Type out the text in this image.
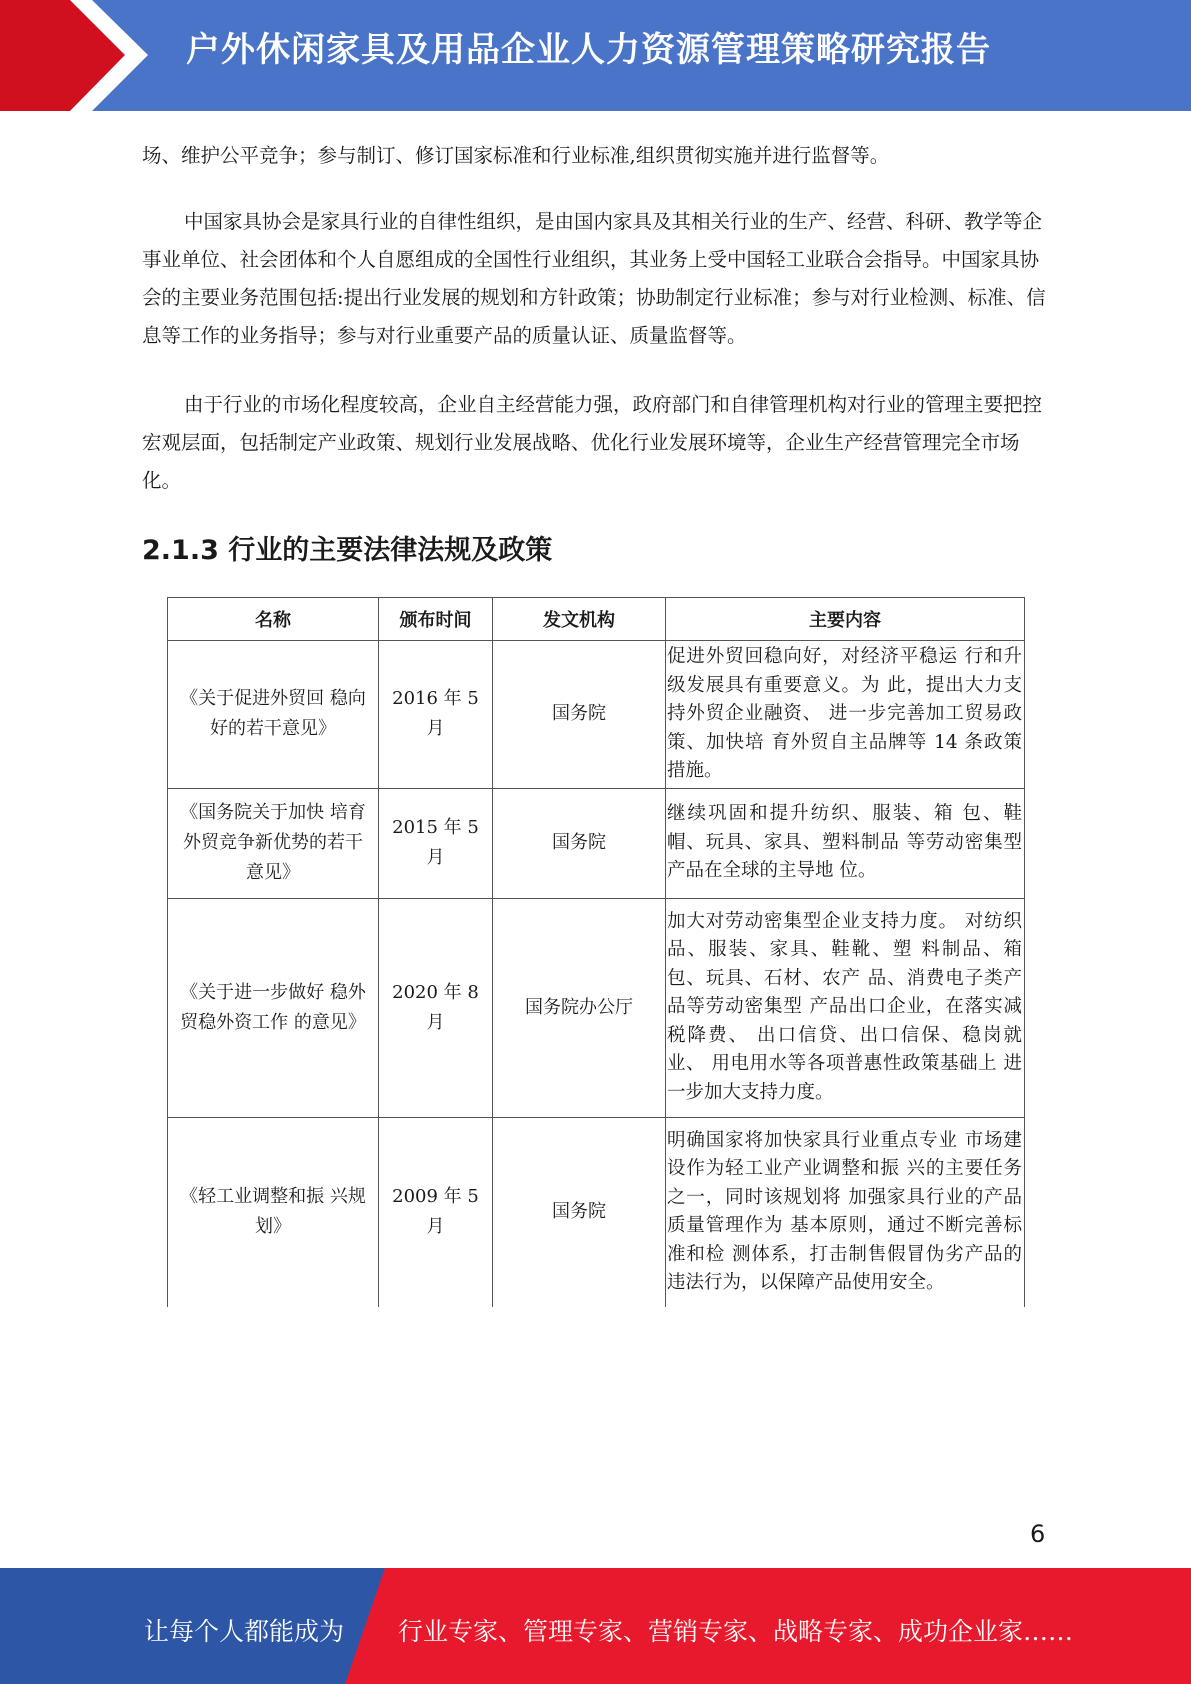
户外休闲家具及用品企业人力资源管理策略研究报告
场、维护公平竞争；参与制订、修订国家标准和行业标准,组织贯彻实施并进行监督等。
中国家具协会是家具行业的自律性组织，是由国内家具及其相关行业的生产、经营、科研、教学等企事业单位、社会团体和个人自愿组成的全国性行业组织，其业务上受中国轻工业联合会指导。中国家具协会的主要业务范围包括:提出行业发展的规划和方针政策；协助制定行业标准；参与对行业检测、标准、信息等工作的业务指导；参与对行业重要产品的质量认证、质量监督等。
由于行业的市场化程度较高，企业自主经营能力强，政府部门和自律管理机构对行业的管理主要把控宏观层面，包括制定产业政策、规划行业发展战略、优化行业发展环境等，企业生产经营管理完全市场化。
2.1.3 行业的主要法律法规及政策
名称	颁布时间	发文机构	主要内容
《关于促进外贸回 稳向好的若干意见》	2016 年 5 月	国务院	促进外贸回稳向好，对经济平稳运 行和升级发展具有重要意义。为 此，提出大力支持外贸企业融资、 进一步完善加工贸易政策、加快培 育外贸自主品牌等 14 条政策措施。
《国务院关于加快 培育外贸竞争新优势的若干意见》	2015 年 5 月	国务院	继续巩固和提升纺织、服装、箱 包、鞋帽、玩具、家具、塑料制品 等劳动密集型产品在全球的主导地 位。
《关于进一步做好 稳外贸稳外资工作 的意见》	2020 年 8 月	国务院办公厅	加大对劳动密集型企业支持力度。 对纺织品、服装、家具、鞋靴、塑 料制品、箱包、玩具、石材、农产 品、消费电子类产品等劳动密集型 产品出口企业，在落实减税降费、 出口信贷、出口信保、稳岗就业、 用电用水等各项普惠性政策基础上 进一步加大支持力度。
《轻工业调整和振 兴规划》	2009 年 5 月	国务院	明确国家将加快家具行业重点专业 市场建设作为轻工业产业调整和振 兴的主要任务之一，同时该规划将 加强家具行业的产品质量管理作为 基本原则，通过不断完善标准和检 测体系，打击制售假冒伪劣产品的 违法行为，以保障产品使用安全。
6
让每个人都能成为 行业专家、管理专家、营销专家、战略专家、成功企业家……
